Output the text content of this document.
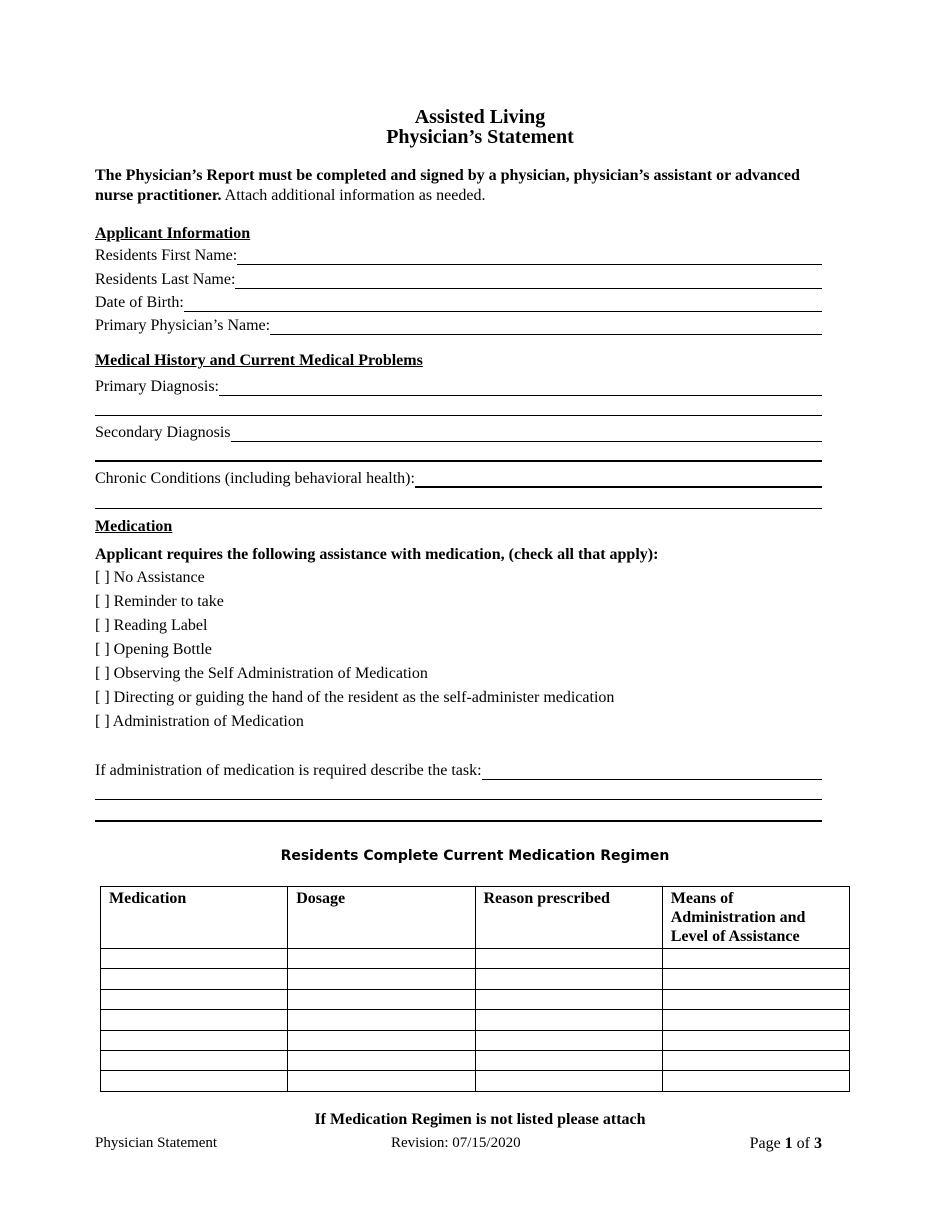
Assisted Living
Physician’s Statement
The Physician’s Report must be completed and signed by a physician, physician’s assistant or advanced nurse practitioner. Attach additional information as needed.
Applicant Information
Residents First Name:
Residents Last Name:
Date of Birth:
Primary Physician’s Name:
Medical History and Current Medical Problems
Primary Diagnosis:
Secondary Diagnosis
Chronic Conditions (including behavioral health):
Medication
Applicant requires the following assistance with medication, (check all that apply):
[ ] No Assistance
[ ] Reminder to take
[ ] Reading Label
[ ] Opening Bottle
[ ] Observing the Self Administration of Medication
[ ] Directing or guiding the hand of the resident as the self-administer medication
[ ] Administration of Medication
If administration of medication is required describe the task:
Residents Complete Current Medication Regimen
Medication	Dosage	Reason prescribed	Means of Administration and Level of Assistance

If Medication Regimen is not listed please attach
Physician Statement	Revision: 07/15/2020	Page 1 of 3
